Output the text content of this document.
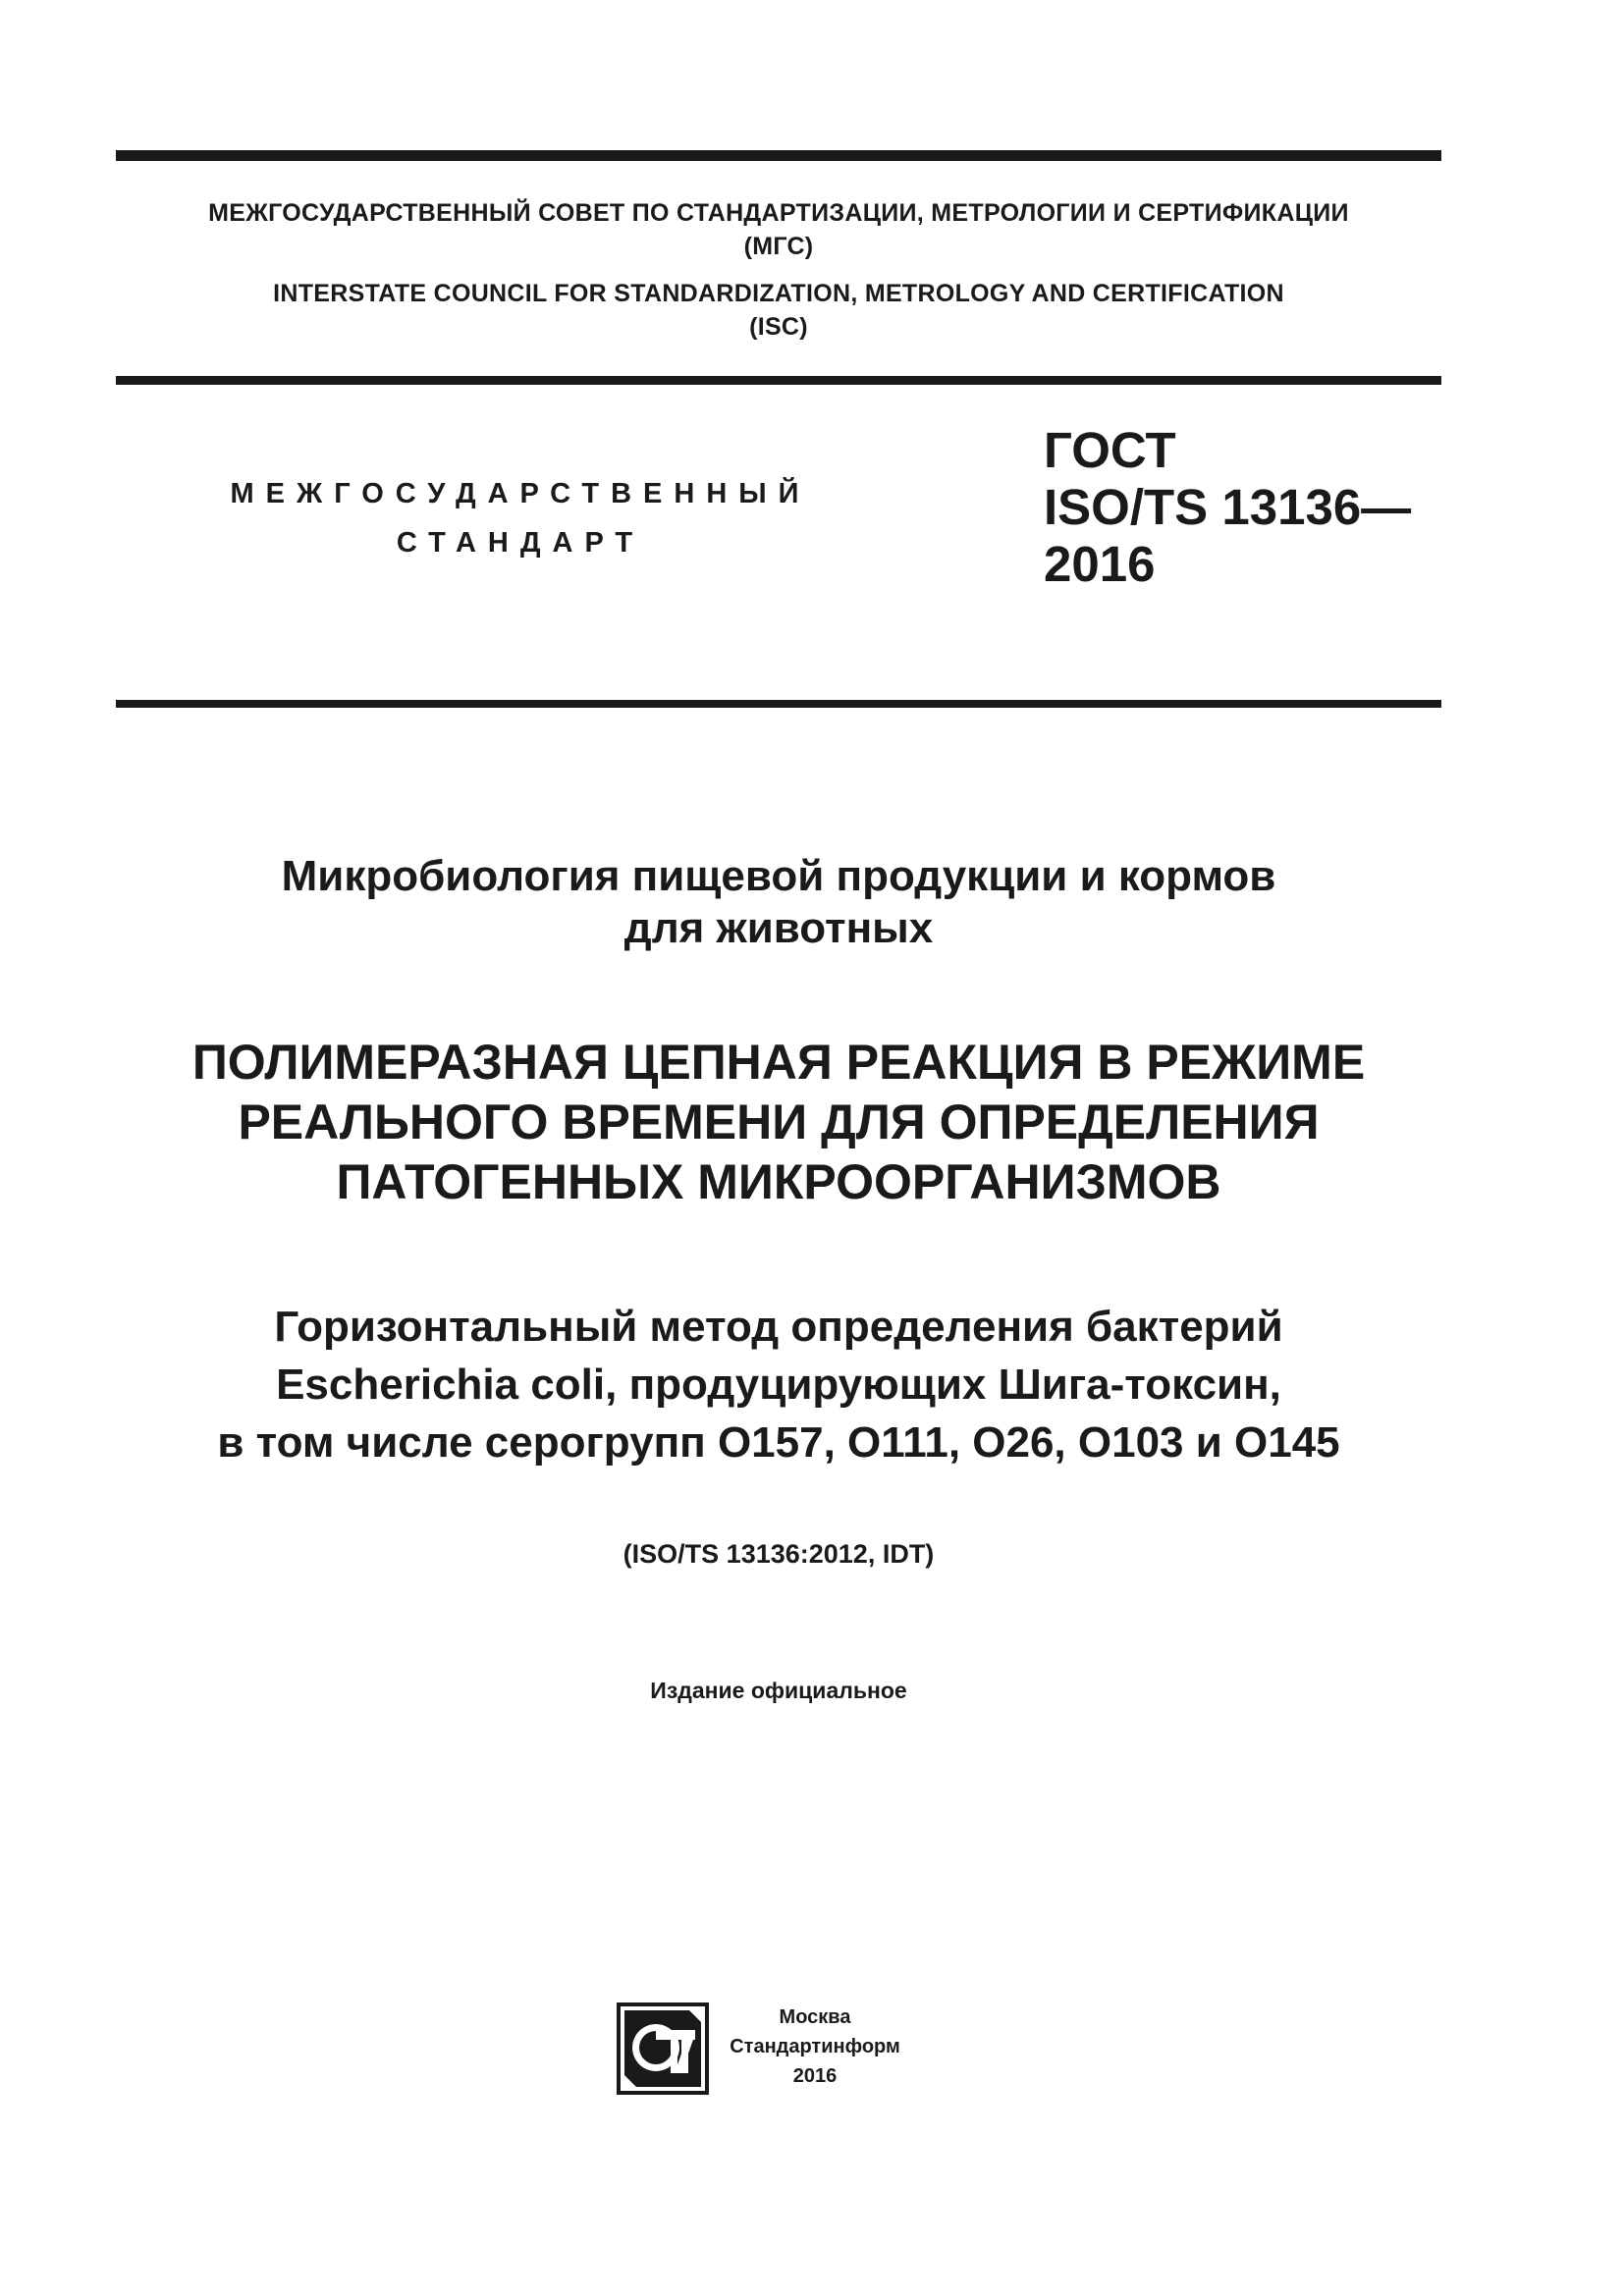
МЕЖГОСУДАРСТВЕННЫЙ СОВЕТ ПО СТАНДАРТИЗАЦИИ, МЕТРОЛОГИИ И СЕРТИФИКАЦИИ
(МГС)
INTERSTATE COUNCIL FOR STANDARDIZATION, METROLOGY AND CERTIFICATION
(ISC)
МЕЖГОСУДАРСТВЕННЫЙ
СТАНДАРТ
ГОСТ
ISO/TS 13136—
2016
Микробиология пищевой продукции и кормов
для животных
ПОЛИМЕРАЗНАЯ ЦЕПНАЯ РЕАКЦИЯ В РЕЖИМЕ
РЕАЛЬНОГО ВРЕМЕНИ ДЛЯ ОПРЕДЕЛЕНИЯ
ПАТОГЕННЫХ МИКРООРГАНИЗМОВ
Горизонтальный метод определения бактерий
Escherichia coli, продуцирующих Шига-токсин,
в том числе серогрупп O157, O111, O26, O103 и O145
(ISO/TS 13136:2012, IDT)
Издание официальное
Москва
Стандартинформ
2016
